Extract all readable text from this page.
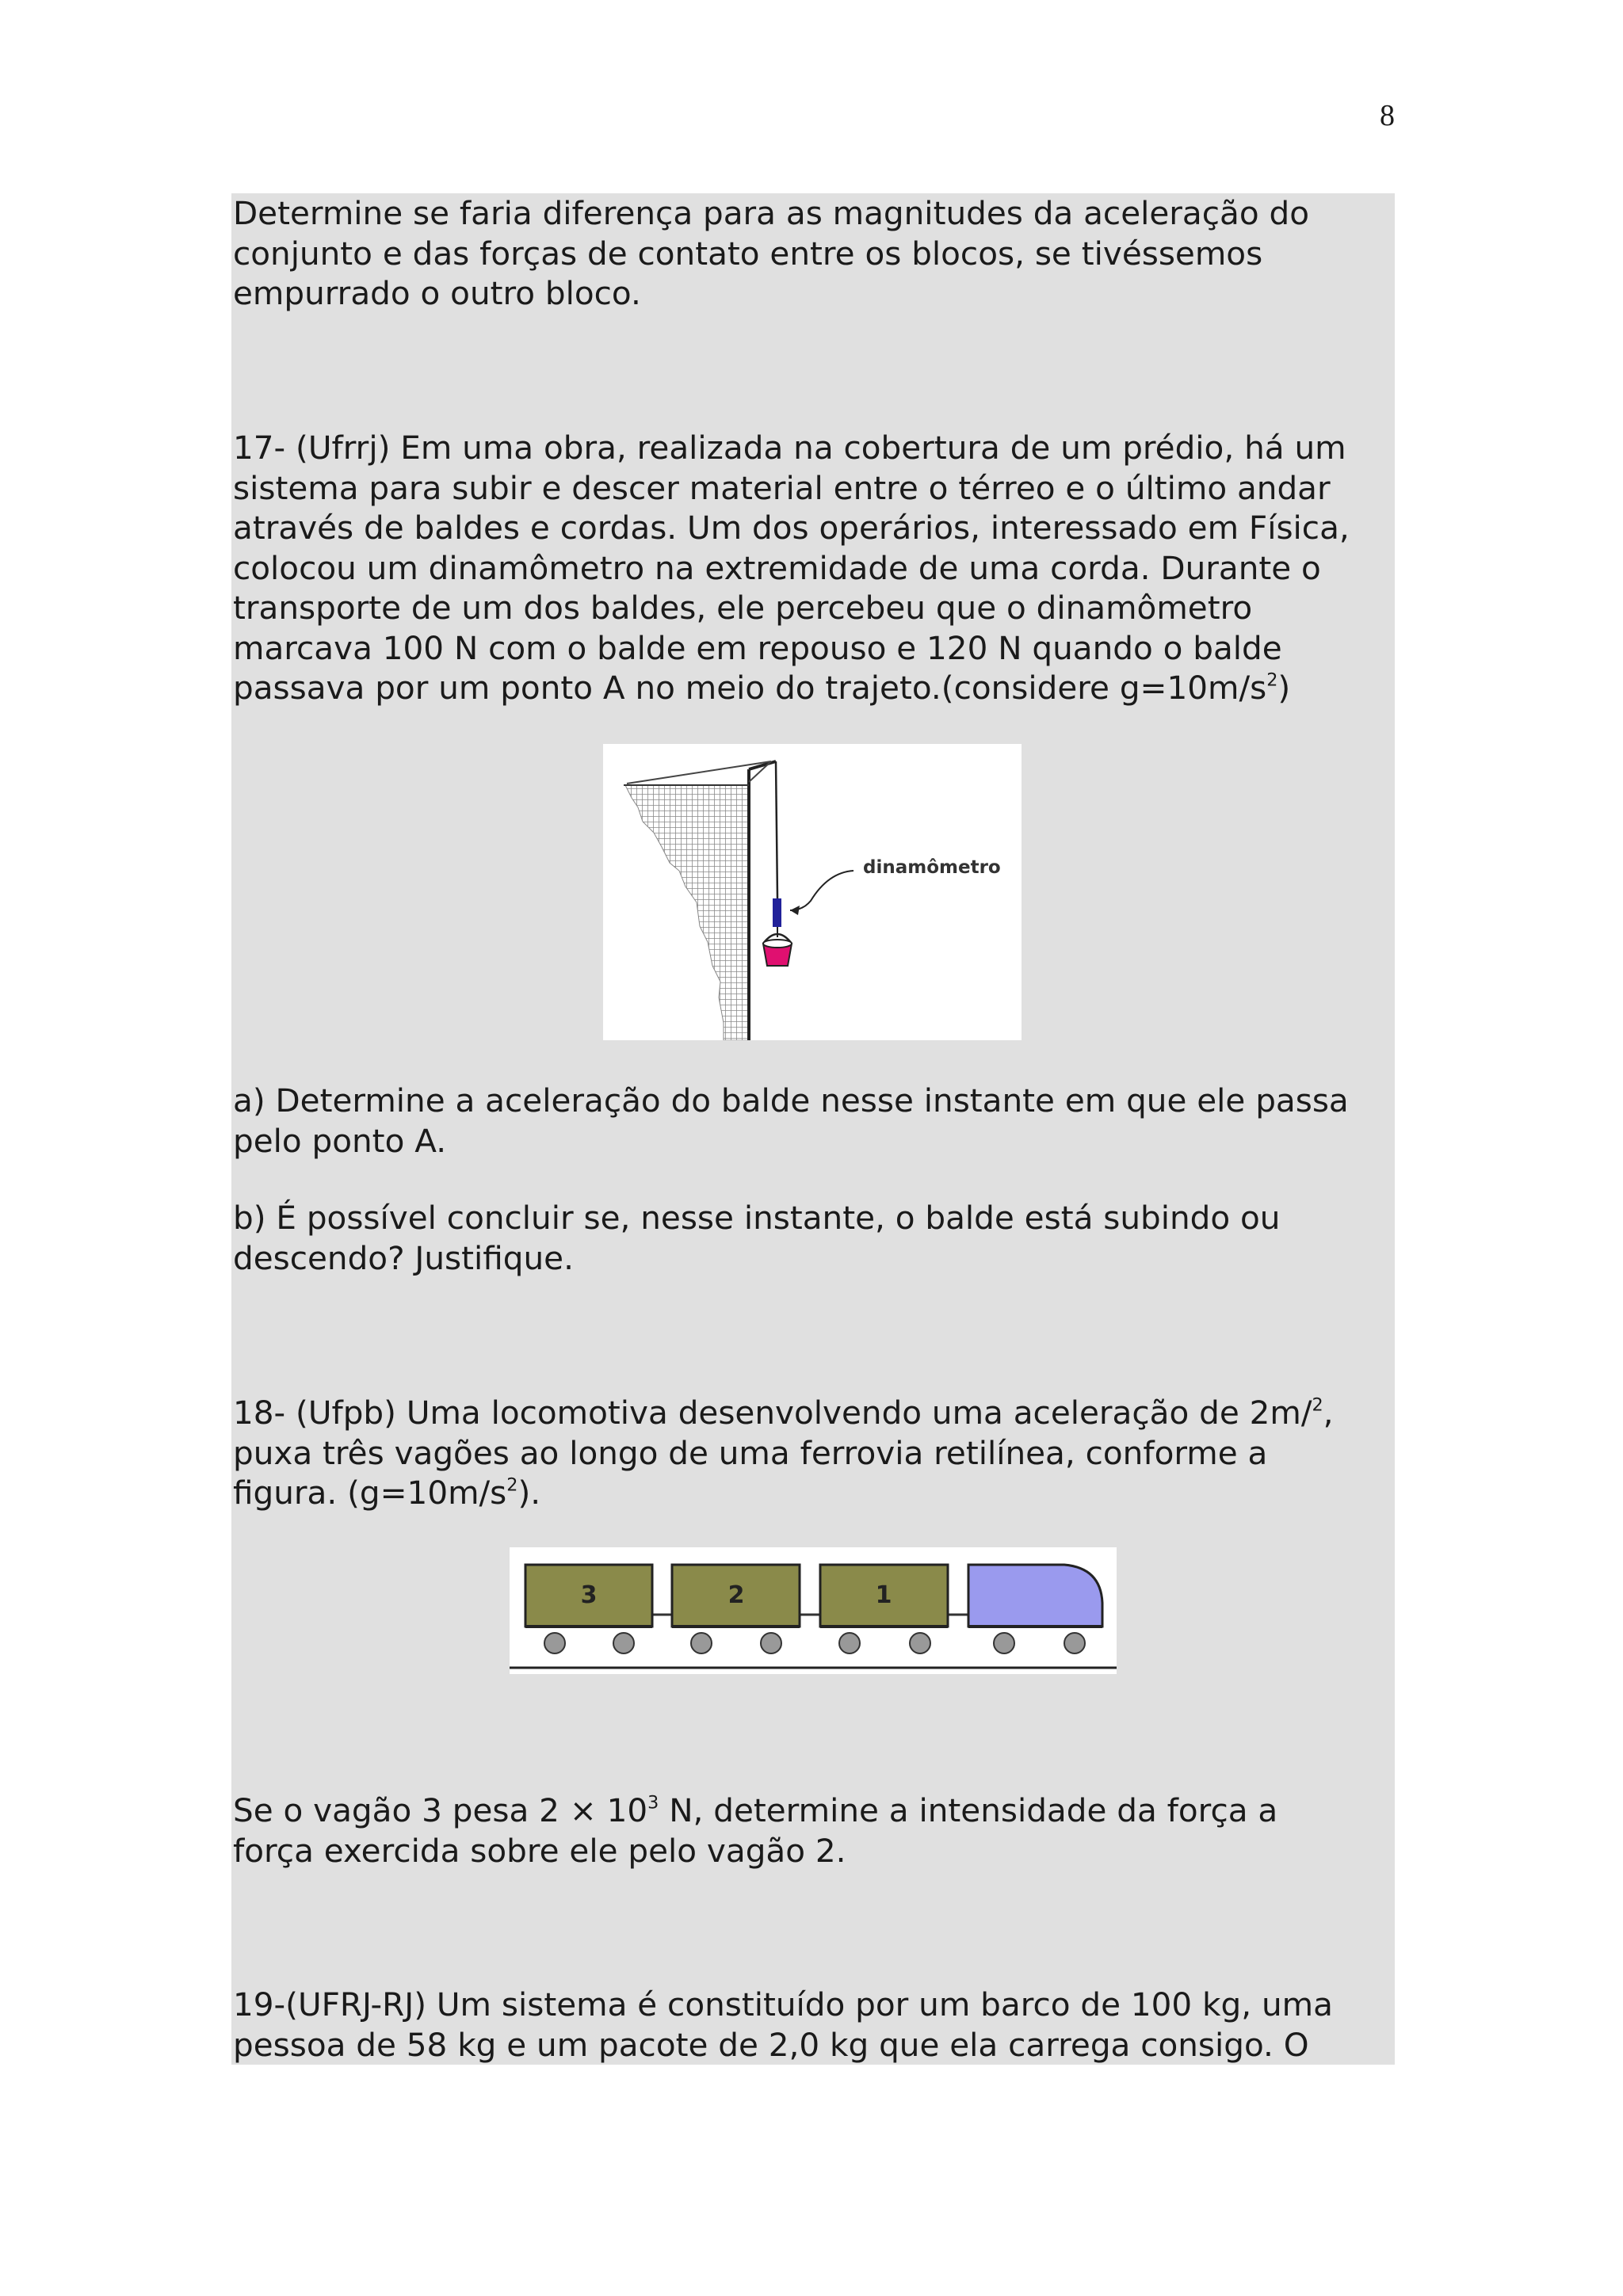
8

Determine se faria diferença para as magnitudes da aceleração do
conjunto e das forças de contato entre os blocos, se tivéssemos
empurrado o outro bloco.

17- (Ufrrj) Em uma obra, realizada na cobertura de um prédio, há um
sistema para subir e descer material entre o térreo e o último andar
através de baldes e cordas. Um dos operários, interessado em Física,
colocou um dinamômetro na extremidade de uma corda. Durante o
transporte de um dos baldes, ele percebeu que o dinamômetro
marcava 100 N com o balde em repouso e 120 N quando o balde
passava por um ponto A no meio do trajeto.(considere $g=10m/s^2$)

dinamômetro

a) Determine a aceleração do balde nesse instante em que ele passa
pelo ponto A.

b) É possível concluir se, nesse instante, o balde está subindo ou
descendo? Justifique.

18- (Ufpb) Uma locomotiva desenvolvendo uma aceleração de 2m/$^2$,
puxa três vagões ao longo de uma ferrovia retilínea, conforme a
figura. $(g=10m/s^2)$.

3	2	1

Se o vagão 3 pesa $2 \times 10^3$ N, determine a intensidade da força a
força exercida sobre ele pelo vagão 2.

19-(UFRJ-RJ) Um sistema é constituído por um barco de 100 kg, uma
pessoa de 58 kg e um pacote de 2,0 kg que ela carrega consigo. O
